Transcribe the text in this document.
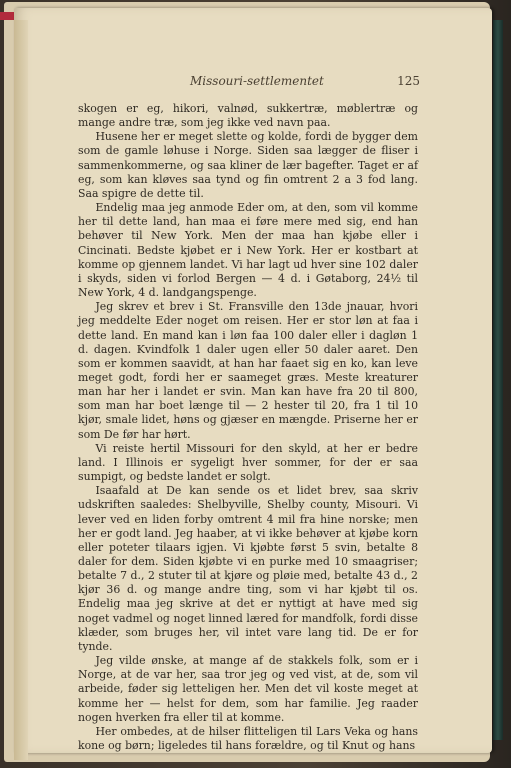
Missouri-settlementet	125

skogen er eg, hikori, valnød, sukkertræ, møblertræ og mange andre træ, som jeg ikke ved navn paa.

Husene her er meget slette og kolde, fordi de bygger dem som de gamle løhuse i Norge. Siden saa lægger de fliser i sammenkommerne, og saa kliner de lær bagefter. Taget er af eg, som kan kløves saa tynd og fin omtrent 2 a 3 fod lang. Saa spigre de dette til.

Endelig maa jeg anmode Eder om, at den, som vil komme her til dette land, han maa ei føre mere med sig, end han behøver til New York. Men der maa han kjøbe eller i Cincinati. Bedste kjøbet er i New York. Her er kostbart at komme op gjennem landet. Vi har lagt ud hver sine 102 daler i skyds, siden vi forlod Bergen — 4 d. i Gøtaborg, 24½ til New York, 4 d. landgangspenge.

Jeg skrev et brev i St. Fransville den 13de jnauar, hvori jeg meddelte Eder noget om reisen. Her er stor løn at faa i dette land. En mand kan i løn faa 100 daler eller i dagløn 1 d. dagen. Kvindfolk 1 daler ugen eller 50 daler aaret. Den som er kommen saavidt, at han har faaet sig en ko, kan leve meget godt, fordi her er saameget græs. Meste kreaturer man har her i landet er svin. Man kan have fra 20 til 800, som man har boet længe til — 2 hester til 20, fra 1 til 10 kjør, smale lidet, høns og gjæser en mængde. Priserne her er som De før har hørt.

Vi reiste hertil Missouri for den skyld, at her er bedre land. I Illinois er sygeligt hver sommer, for der er saa sumpigt, og bedste landet er solgt.

Isaafald at De kan sende os et lidet brev, saa skriv udskriften saaledes: Shelbyville, Shelby county, Misouri. Vi lever ved en liden forby omtrent 4 mil fra hine norske; men her er godt land. Jeg haaber, at vi ikke behøver at kjøbe korn eller poteter tilaars igjen. Vi kjøbte først 5 svin, betalte 8 daler for dem. Siden kjøbte vi en purke med 10 smaagriser; betalte 7 d., 2 stuter til at kjøre og pløie med, betalte 43 d., 2 kjør 36 d. og mange andre ting, som vi har kjøbt til os. Endelig maa jeg skrive at det er nyttigt at have med sig noget vadmel og noget linned læred for mandfolk, fordi disse klæder, som bruges her, vil intet vare lang tid. De er for tynde.

Jeg vilde ønske, at mange af de stakkels folk, som er i Norge, at de var her, saa tror jeg og ved vist, at de, som vil arbeide, føder sig letteligen her. Men det vil koste meget at komme her — helst for dem, som har familie. Jeg raader nogen hverken fra eller til at komme.

Her ombedes, at de hilser flitteligen til Lars Veka og hans kone og børn; ligeledes til hans forældre, og til Knut og hans
